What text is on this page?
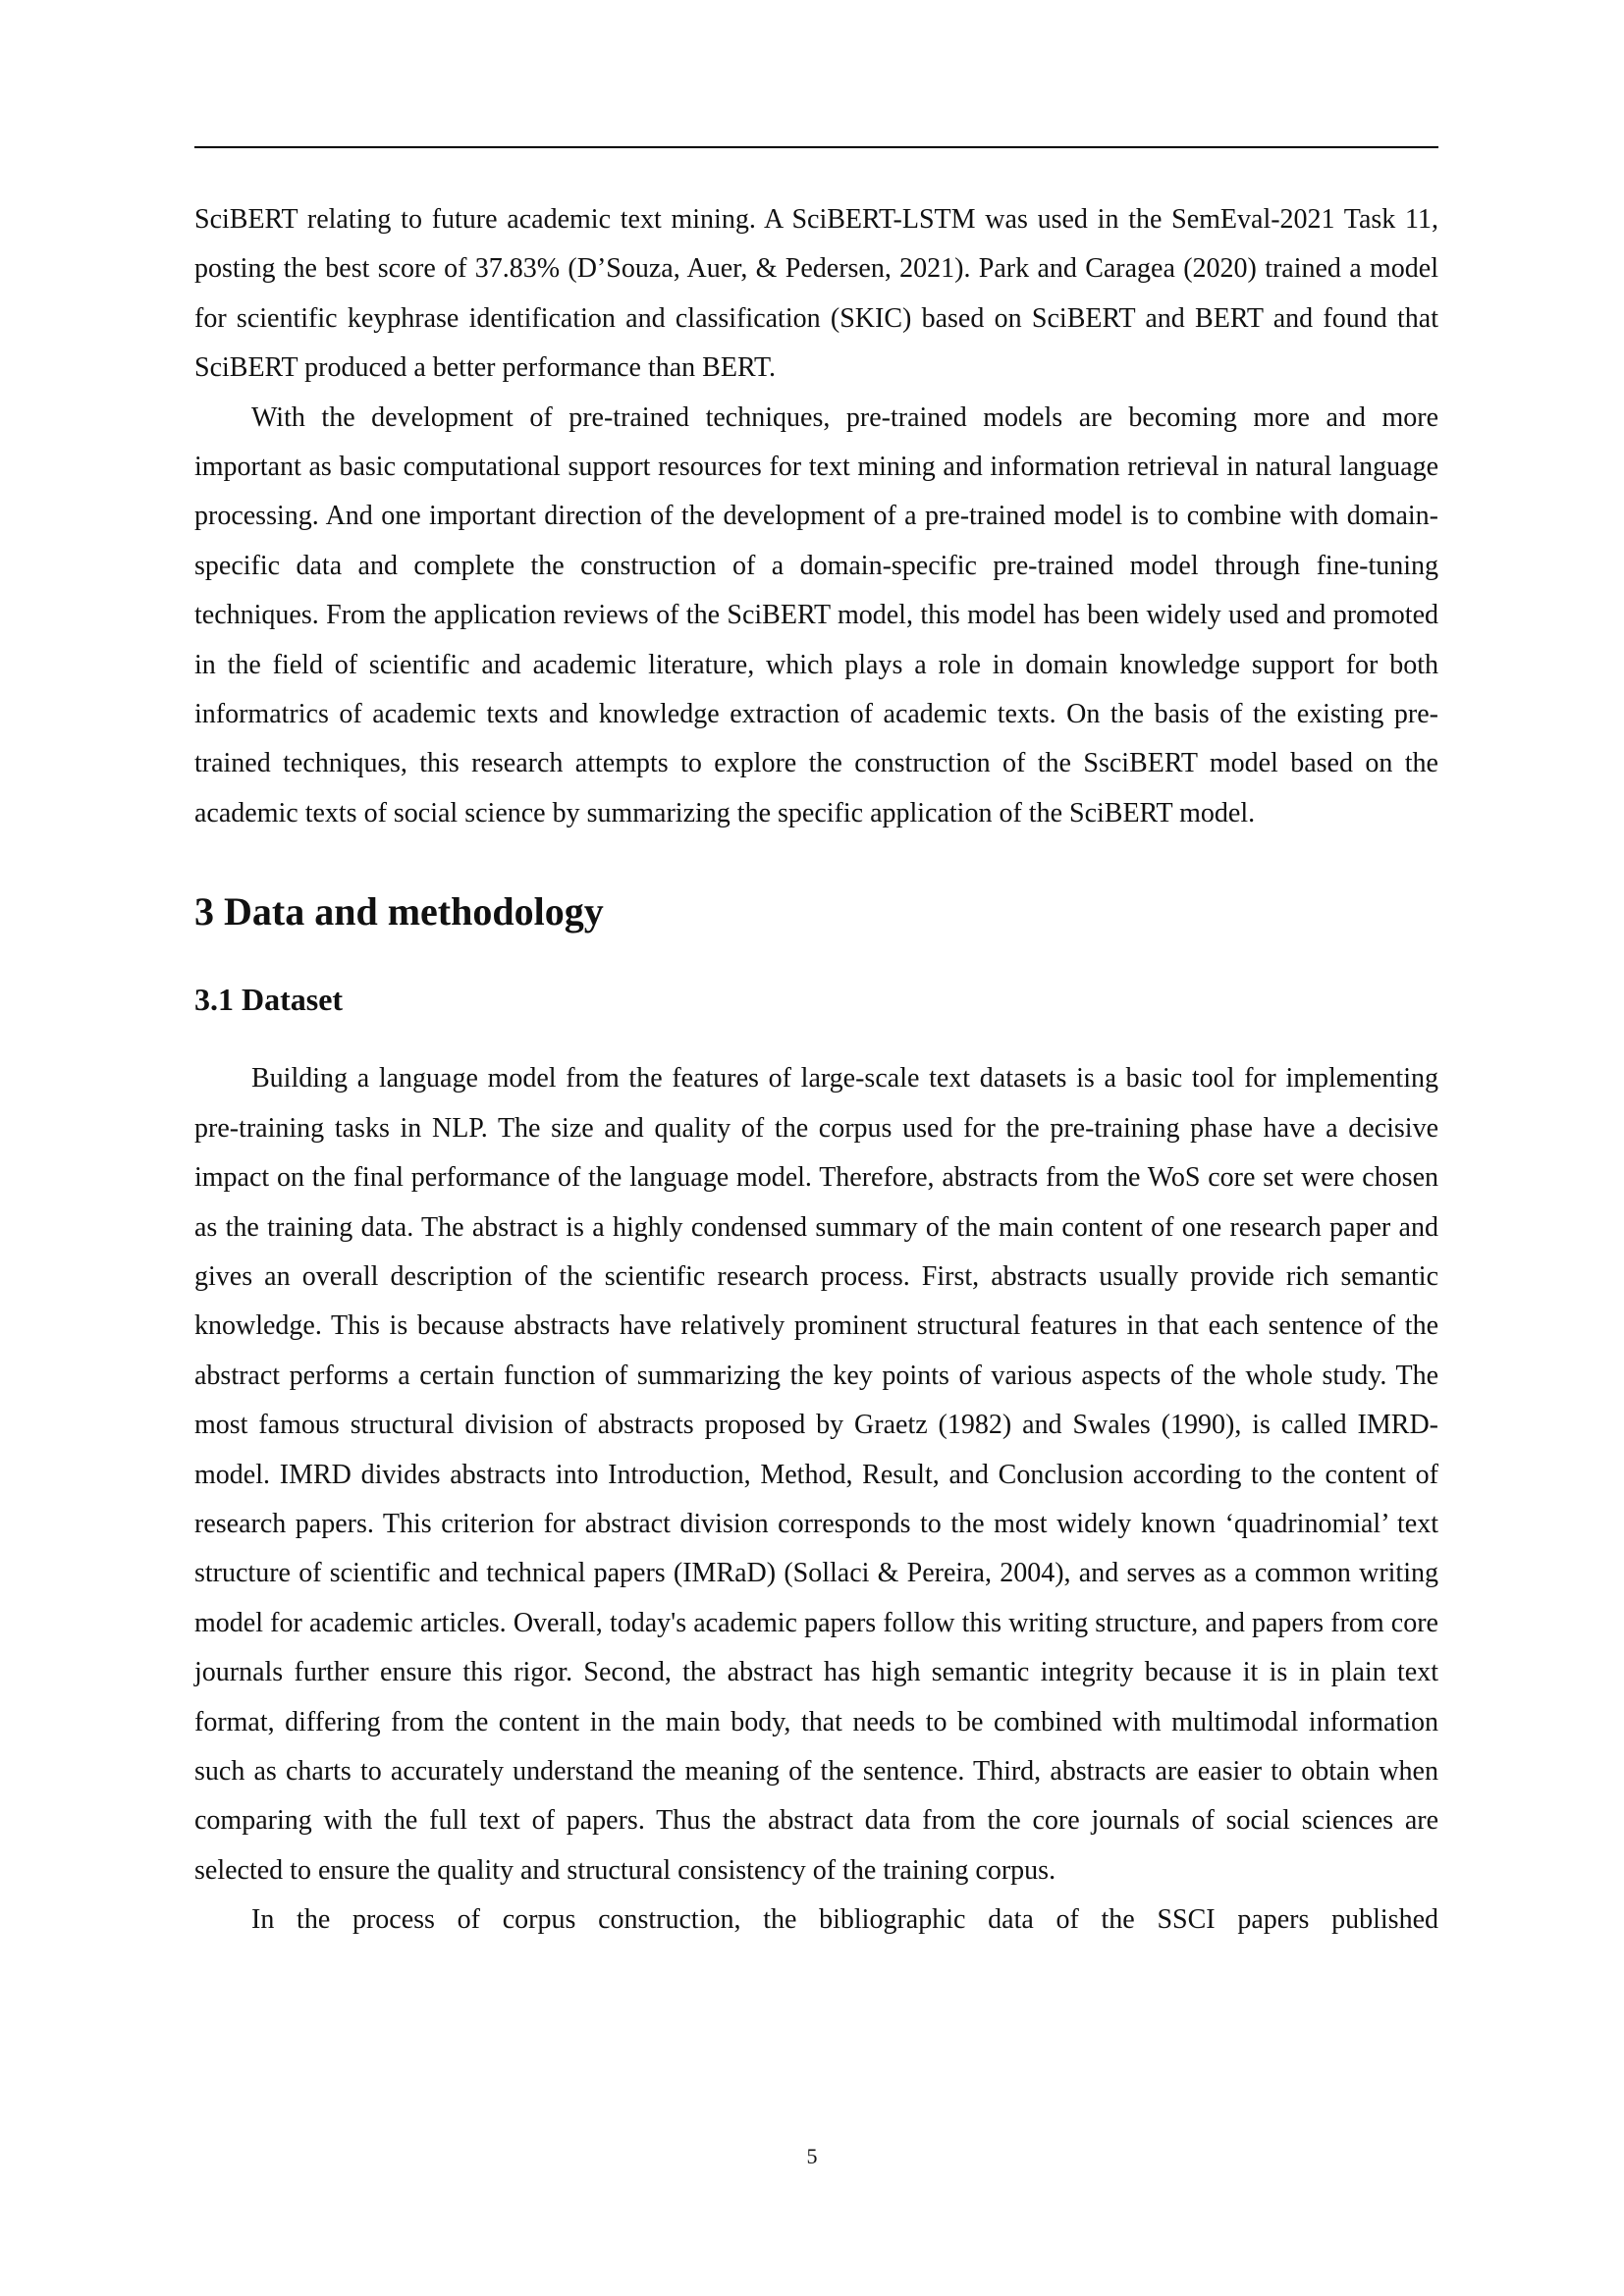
SciBERT relating to future academic text mining. A SciBERT-LSTM was used in the SemEval-2021 Task 11, posting the best score of 37.83% (D’Souza, Auer, & Pedersen, 2021). Park and Caragea (2020) trained a model for scientific keyphrase identification and classification (SKIC) based on SciBERT and BERT and found that SciBERT produced a better performance than BERT.

With the development of pre-trained techniques, pre-trained models are becoming more and more important as basic computational support resources for text mining and information retrieval in natural language processing. And one important direction of the development of a pre-trained model is to combine with domain-specific data and complete the construction of a domain-specific pre-trained model through fine-tuning techniques. From the application reviews of the SciBERT model, this model has been widely used and promoted in the field of scientific and academic literature, which plays a role in domain knowledge support for both informatrics of academic texts and knowledge extraction of academic texts. On the basis of the existing pre-trained techniques, this research attempts to explore the construction of the SsciBERT model based on the academic texts of social science by summarizing the specific application of the SciBERT model.

3 Data and methodology
3.1 Dataset

Building a language model from the features of large-scale text datasets is a basic tool for implementing pre-training tasks in NLP. The size and quality of the corpus used for the pre-training phase have a decisive impact on the final performance of the language model. Therefore, abstracts from the WoS core set were chosen as the training data. The abstract is a highly condensed summary of the main content of one research paper and gives an overall description of the scientific research process. First, abstracts usually provide rich semantic knowledge. This is because abstracts have relatively prominent structural features in that each sentence of the abstract performs a certain function of summarizing the key points of various aspects of the whole study. The most famous structural division of abstracts proposed by Graetz (1982) and Swales (1990), is called IMRD-model. IMRD divides abstracts into Introduction, Method, Result, and Conclusion according to the content of research papers. This criterion for abstract division corresponds to the most widely known ‘quadrinomial’ text structure of scientific and technical papers (IMRaD) (Sollaci & Pereira, 2004), and serves as a common writing model for academic articles. Overall, today's academic papers follow this writing structure, and papers from core journals further ensure this rigor. Second, the abstract has high semantic integrity because it is in plain text format, differing from the content in the main body, that needs to be combined with multimodal information such as charts to accurately understand the meaning of the sentence. Third, abstracts are easier to obtain when comparing with the full text of papers. Thus the abstract data from the core journals of social sciences are selected to ensure the quality and structural consistency of the training corpus.

In the process of corpus construction, the bibliographic data of the SSCI papers published

5
